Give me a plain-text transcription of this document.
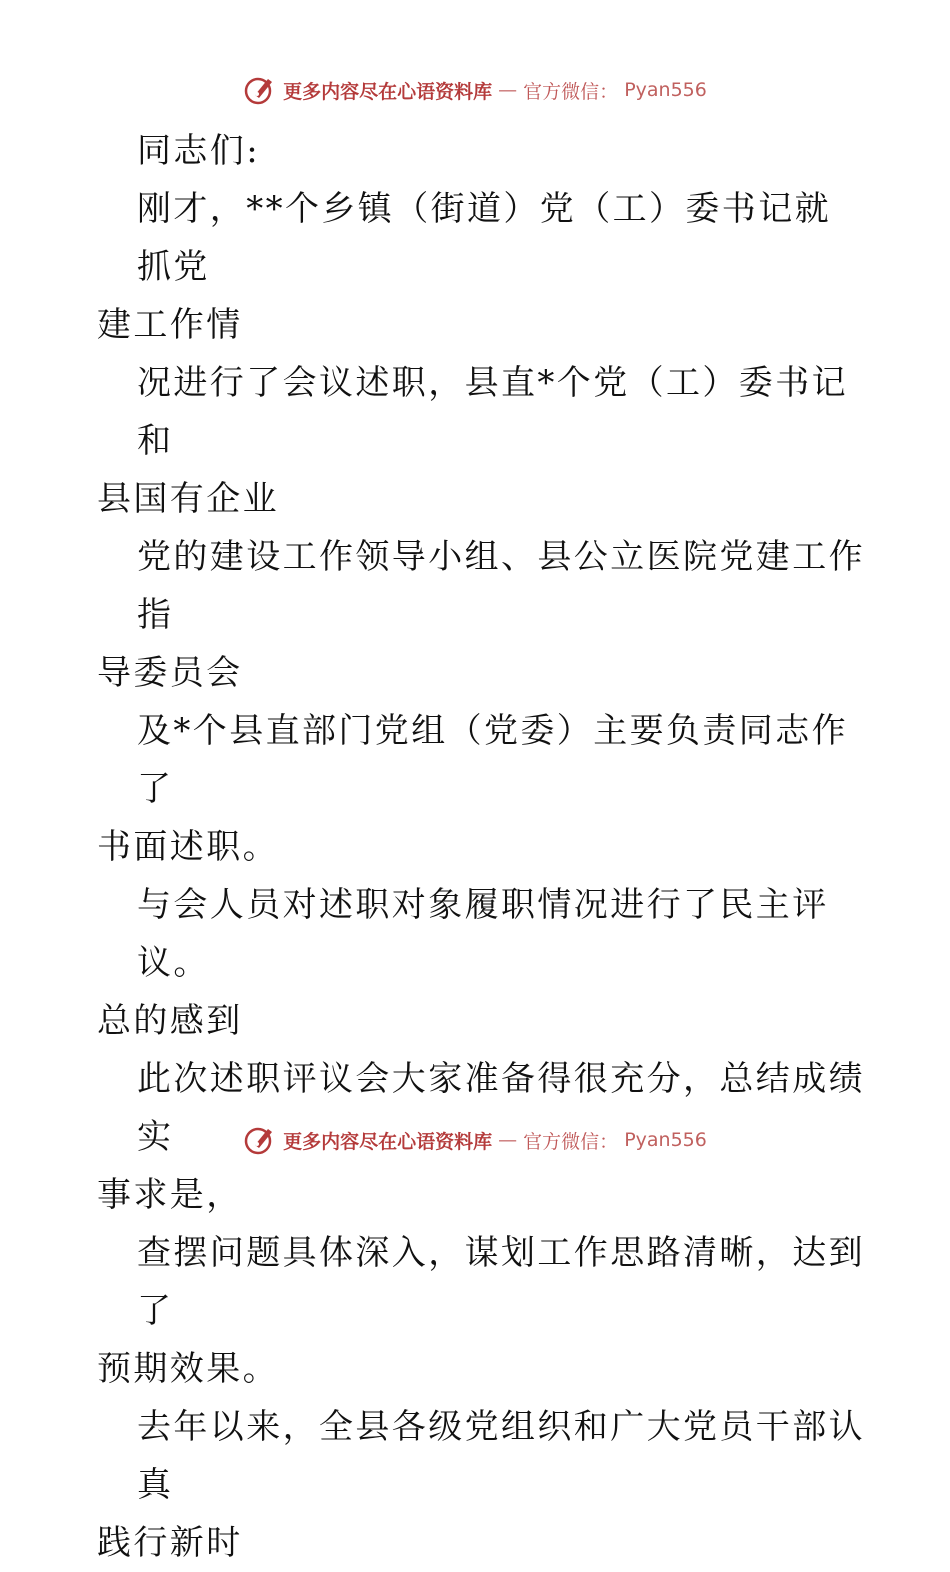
更多内容尽在心语资料库 — 官方微信： Pyan556

同志们:

刚才，**个乡镇（街道）党（工）委书记就抓党

建工作情

况进行了会议述职，县直*个党（工）委书记和

县国有企业

党的建设工作领导小组、县公立医院党建工作指

导委员会

及*个县直部门党组（党委）主要负责同志作了

书面述职。

与会人员对述职对象履职情况进行了民主评议。

总的感到

此次述职评议会大家准备得很充分，总结成绩实

事求是，

查摆问题具体深入，谋划工作思路清晰，达到了

预期效果。

去年以来，全县各级党组织和广大党员干部认真

践行新时

更多内容尽在心语资料库 — 官方微信： Pyan556
